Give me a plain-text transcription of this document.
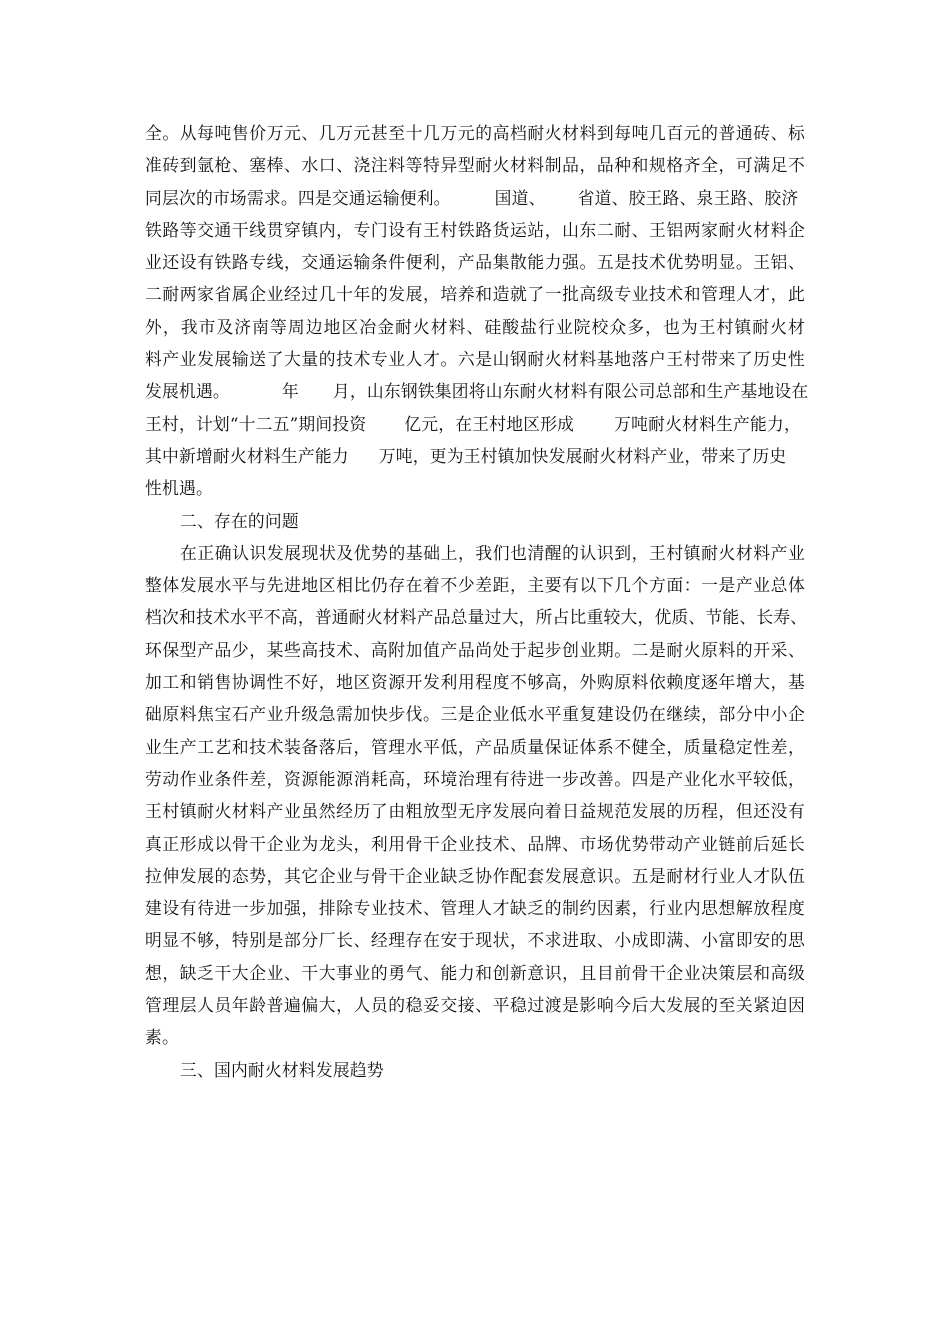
全。从每吨售价万元、几万元甚至十几万元的高档耐火材料到每吨几百元的普通砖、标
准砖到氩枪、塞棒、水口、浇注料等特异型耐火材料制品，品种和规格齐全，可满足不
同层次的市场需求。四是交通运输便利。	国道、 省道、胶王路、泉王路、胶济
铁路等交通干线贯穿镇内，专门设有王村铁路货运站，山东二耐、王铝两家耐火材料企
业还设有铁路专线，交通运输条件便利，产品集散能力强。五是技术优势明显。王铝、
二耐两家省属企业经过几十年的发展，培养和造就了一批高级专业技术和管理人才，此
外，我市及济南等周边地区冶金耐火材料、硅酸盐行业院校众多，也为王村镇耐火材
料产业发展输送了大量的技术专业人才。六是山钢耐火材料基地落户王村带来了历史性
发展机遇。	年 月，山东钢铁集团将山东耐火材料有限公司总部和生产基地设在
王村，计划“十二五”期间投资 亿元，在王村地区形成 万吨耐火材料生产能力，
其中新增耐火材料生产能力 万吨，更为王村镇加快发展耐火材料产业，带来了历史
性机遇。
二、存在的问题
在正确认识发展现状及优势的基础上，我们也清醒的认识到，王村镇耐火材料产业
整体发展水平与先进地区相比仍存在着不少差距，主要有以下几个方面：一是产业总体
档次和技术水平不高，普通耐火材料产品总量过大，所占比重较大，优质、节能、长寿、
环保型产品少，某些高技术、高附加值产品尚处于起步创业期。二是耐火原料的开采、
加工和销售协调性不好，地区资源开发利用程度不够高，外购原料依赖度逐年增大，基
础原料焦宝石产业升级急需加快步伐。三是企业低水平重复建设仍在继续，部分中小企
业生产工艺和技术装备落后，管理水平低，产品质量保证体系不健全，质量稳定性差，
劳动作业条件差，资源能源消耗高，环境治理有待进一步改善。四是产业化水平较低，
王村镇耐火材料产业虽然经历了由粗放型无序发展向着日益规范发展的历程，但还没有
真正形成以骨干企业为龙头，利用骨干企业技术、品牌、市场优势带动产业链前后延长
拉伸发展的态势，其它企业与骨干企业缺乏协作配套发展意识。五是耐材行业人才队伍
建设有待进一步加强，排除专业技术、管理人才缺乏的制约因素，行业内思想解放程度
明显不够，特别是部分厂长、经理存在安于现状，不求进取、小成即满、小富即安的思
想，缺乏干大企业、干大事业的勇气、能力和创新意识，且目前骨干企业决策层和高级
管理层人员年龄普遍偏大，人员的稳妥交接、平稳过渡是影响今后大发展的至关紧迫因
素。
三、国内耐火材料发展趋势
